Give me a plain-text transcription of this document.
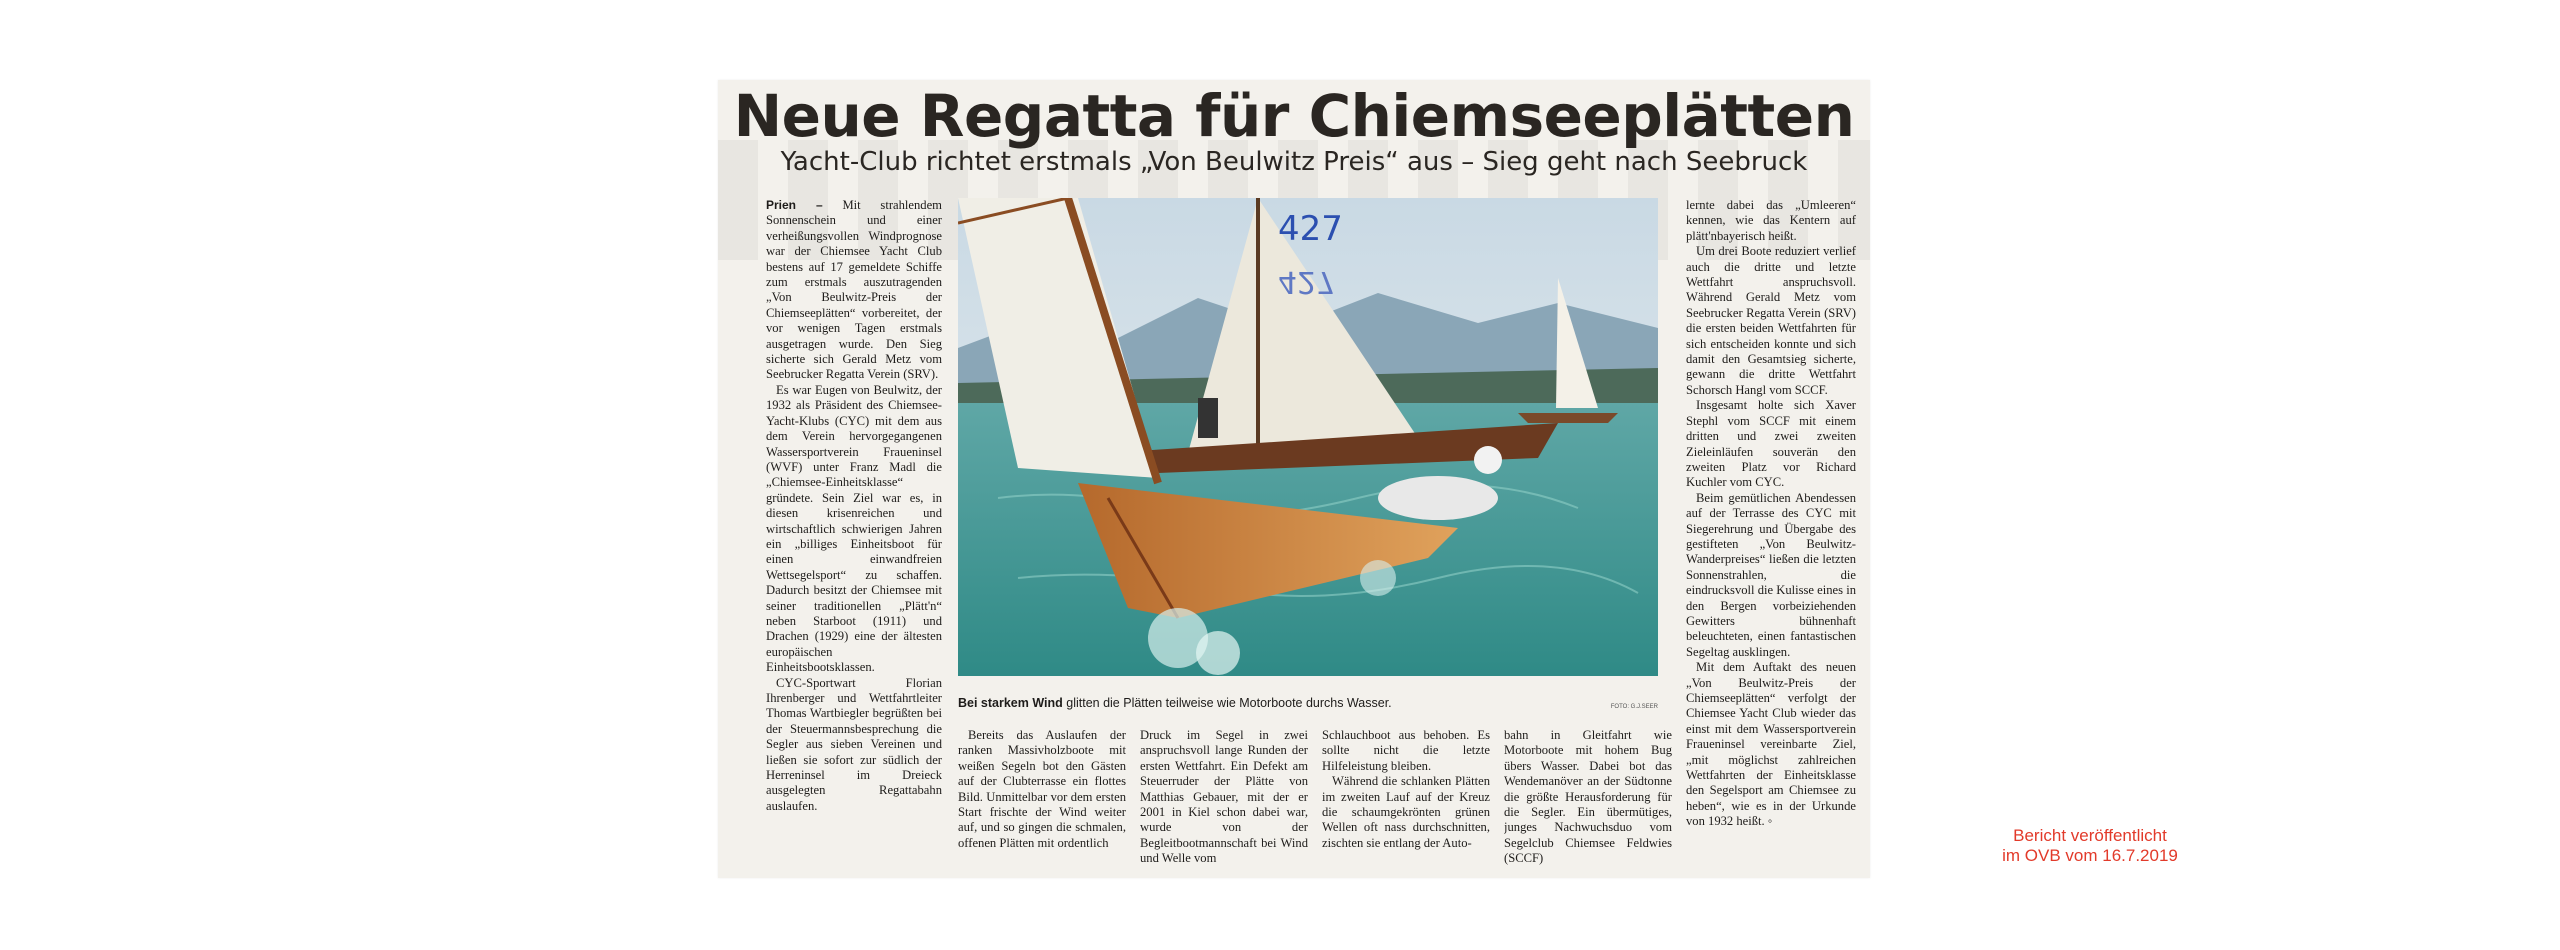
Neue Regatta für Chiemseeplätten
Yacht-Club richtet erstmals „Von Beulwitz Preis“ aus – Sieg geht nach Seebruck

Prien – Mit strahlendem Sonnenschein und einer verheißungsvollen Windprognose war der Chiemsee Yacht Club bestens auf 17 gemeldete Schiffe zum erstmals auszutragenden „Von Beulwitz-Preis der Chiemseeplätten“ vorbereitet, der vor wenigen Tagen erstmals ausgetragen wurde. Den Sieg sicherte sich Gerald Metz vom Seebrucker Regatta Verein (SRV).

Es war Eugen von Beulwitz, der 1932 als Präsident des Chiemsee-Yacht-Klubs (CYC) mit dem aus dem Verein hervorgegangenen Wassersportverein Fraueninsel (WVF) unter Franz Madl die „Chiemsee-Einheitsklasse“ gründete. Sein Ziel war es, in diesen krisenreichen und wirtschaftlich schwierigen Jahren ein „billiges Einheitsboot für einen einwandfreien Wettsegelsport“ zu schaffen. Dadurch besitzt der Chiemsee mit seiner traditionellen „Plätt'n“ neben Starboot (1911) und Drachen (1929) eine der ältesten europäischen Einheitsbootsklassen.

CYC-Sportwart Florian Ihrenberger und Wettfahrtleiter Thomas Wartbiegler begrüßten bei der Steuermannsbesprechung die Segler aus sieben Vereinen und ließen sie sofort zur südlich der Herreninsel im Dreieck ausgelegten Regattabahn auslaufen.

427
427
Bei starkem Wind glitten die Plätten teilweise wie Motorboote durchs Wasser.	FOTO: G.J.SEER

Bereits das Auslaufen der ranken Massivholzboote mit weißen Segeln bot den Gästen auf der Clubterrasse ein flottes Bild. Unmittelbar vor dem ersten Start frischte der Wind weiter auf, und so gingen die schmalen, offenen Plätten mit ordentlich

Druck im Segel in zwei anspruchsvoll lange Runden der ersten Wettfahrt. Ein Defekt am Steuerruder der Plätte von Matthias Gebauer, mit der er 2001 in Kiel schon dabei war, wurde von der Begleitbootmannschaft bei Wind und Welle vom

Schlauchboot aus behoben. Es sollte nicht die letzte Hilfeleistung bleiben.

Während die schlanken Plätten im zweiten Lauf auf der Kreuz die schaumgekrönten grünen Wellen oft nass durchschnitten, zischten sie entlang der Auto-

bahn in Gleitfahrt wie Motorboote mit hohem Bug übers Wasser. Dabei bot das Wendemanöver an der Südtonne die größte Herausforderung für die Segler. Ein übermütiges, junges Nachwuchsduo vom Segelclub Chiemsee Feldwies (SCCF)

lernte dabei das „Umleeren“ kennen, wie das Kentern auf plätt'nbayerisch heißt.

Um drei Boote reduziert verlief auch die dritte und letzte Wettfahrt anspruchsvoll. Während Gerald Metz vom Seebrucker Regatta Verein (SRV) die ersten beiden Wettfahrten für sich entscheiden konnte und sich damit den Gesamtsieg sicherte, gewann die dritte Wettfahrt Schorsch Hangl vom SCCF.

Insgesamt holte sich Xaver Stephl vom SCCF mit einem dritten und zwei zweiten Zieleinläufen souverän den zweiten Platz vor Richard Kuchler vom CYC.

Beim gemütlichen Abendessen auf der Terrasse des CYC mit Siegerehrung und Übergabe des gestifteten „Von Beulwitz-Wanderpreises“ ließen die letzten Sonnenstrahlen, die eindrucksvoll die Kulisse eines in den Bergen vorbeiziehenden Gewitters bühnenhaft beleuchteten, einen fantastischen Segeltag ausklingen.

Mit dem Auftakt des neuen „Von Beulwitz-Preis der Chiemseeplätten“ verfolgt der Chiemsee Yacht Club wieder das einst mit dem Wassersportverein Fraueninsel vereinbarte Ziel, „mit möglichst zahlreichen Wettfahrten der Einheitsklasse den Segelsport am Chiemsee zu heben“, wie es in der Urkunde von 1932 heißt. ◦

Bericht veröffentlicht
im OVB vom 16.7.2019
